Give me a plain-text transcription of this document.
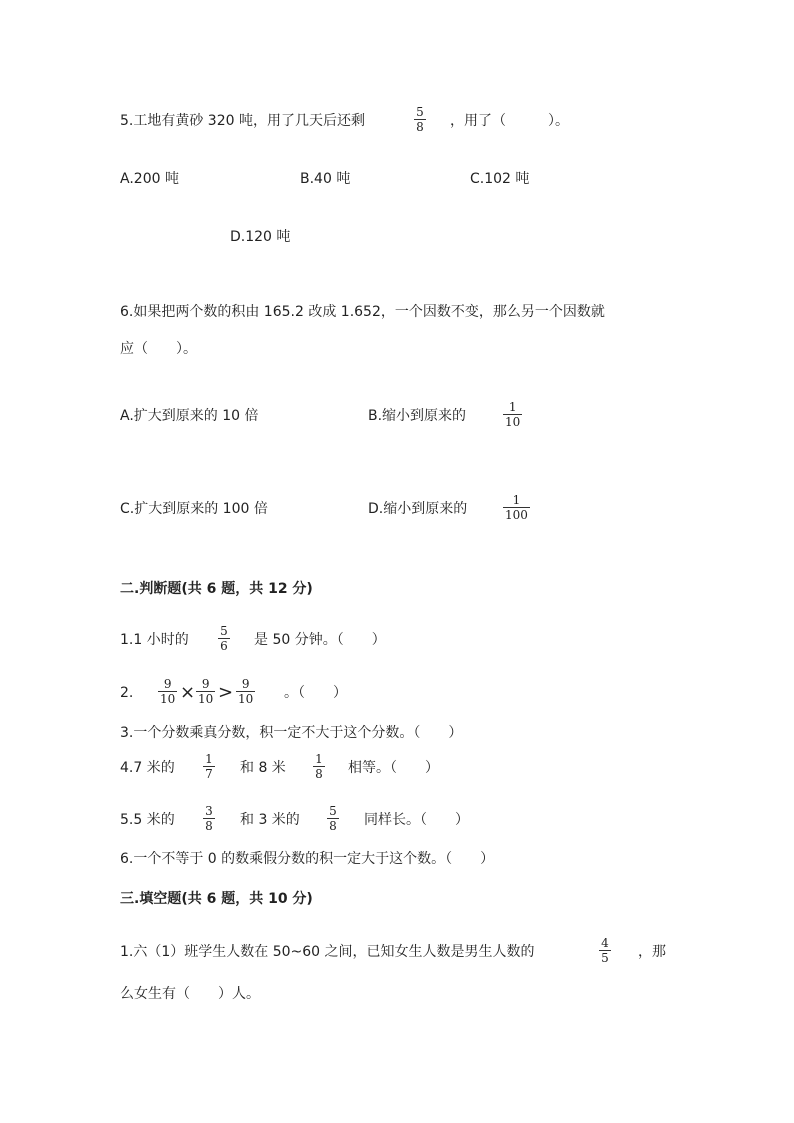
5.工地有黄砂 320 吨，用了几天后还剩
5
8 ，用了（　　　）。
A.200 吨	B.40 吨	C.102 吨
D.120 吨
6.如果把两个数的积由 165.2 改成 1.652，一个因数不变，那么另一个因数就
应（　　）。
A.扩大到原来的 10 倍	B.缩小到原来的
1
10
C.扩大到原来的 100 倍	D.缩小到原来的
1
100
二.判断题(共 6 题，共 12 分)
1.1 小时的
5
6 是 50 分钟。（　　）
2.
9
10 × 9
10 > 9
10 。（　　）
3.一个分数乘真分数，积一定不大于这个分数。（　　）
4.7 米的
1
7 和 8 米
1
8 相等。（　　）
5.5 米的
3
8 和 3 米的
5
8 同样长。（　　）
6.一个不等于 0 的数乘假分数的积一定大于这个数。（　　）
三.填空题(共 6 题，共 10 分)
1.六（1）班学生人数在 50~60 之间，已知女生人数是男生人数的
4
5 ，那
么女生有（　　）人。
